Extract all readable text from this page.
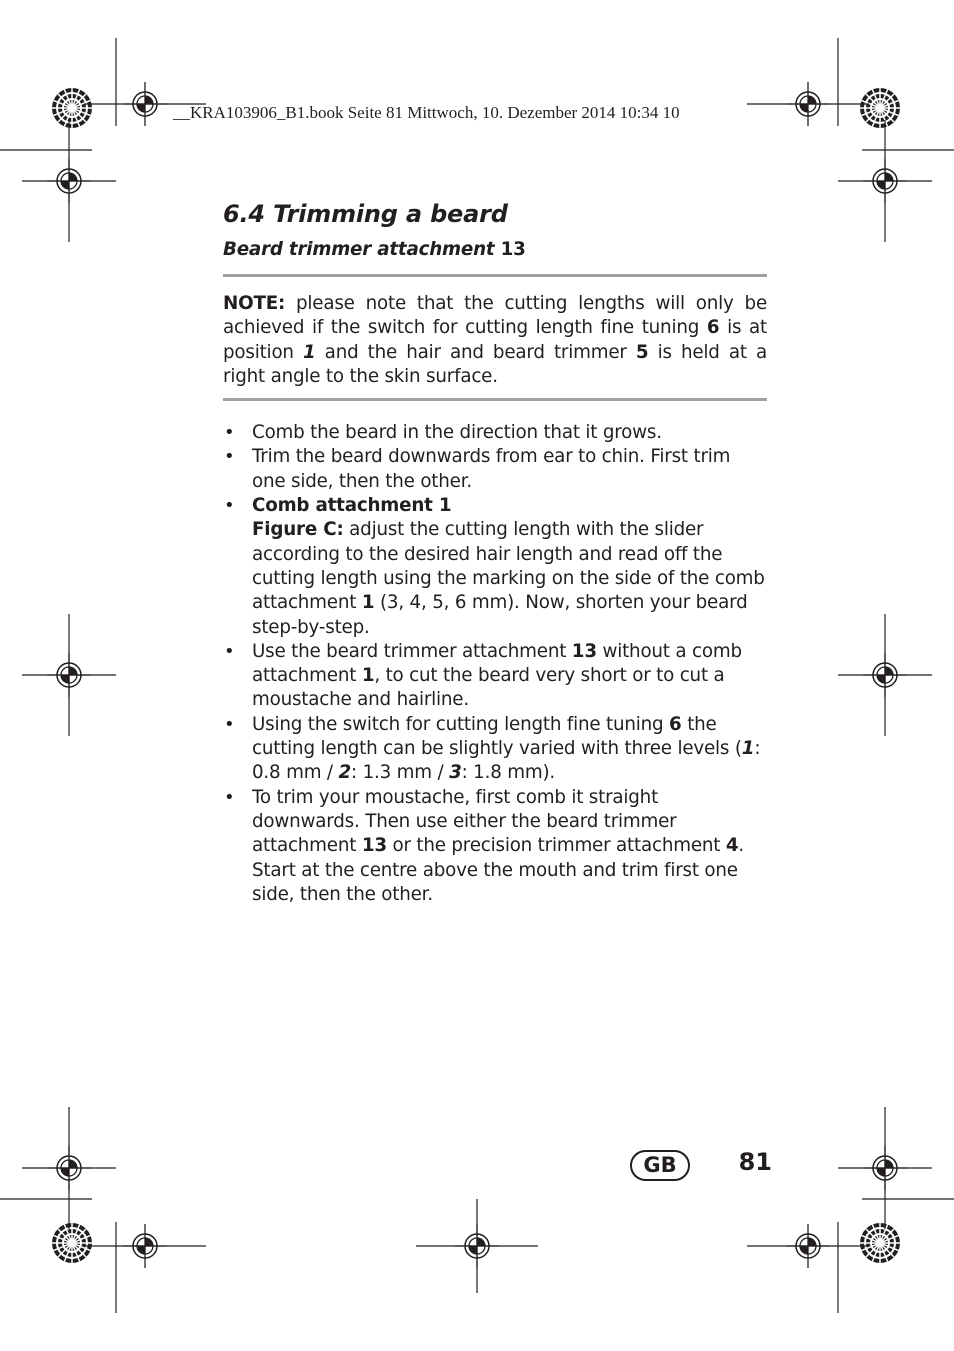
__KRA103906_B1.book Seite 81 Mittwoch, 10. Dezember 2014 10:34 10
6.4 Trimming a beard
Beard trimmer attachment 13
NOTE: please note that the cutting lengths will only be achieved if the switch for cutting length fine tuning 6 is at position 1 and the hair and beard trimmer 5 is held at a right angle to the skin surface.
• Comb the beard in the direction that it grows.
• Trim the beard downwards from ear to chin. First trim one side, then the other.
• Comb attachment 1
Figure C: adjust the cutting length with the slider according to the desired hair length and read off the cutting length using the marking on the side of the comb attachment 1 (3, 4, 5, 6 mm). Now, shorten your beard step-by-step.
• Use the beard trimmer attachment 13 without a comb attachment 1, to cut the beard very short or to cut a moustache and hairline.
• Using the switch for cutting length fine tuning 6 the cutting length can be slightly varied with three levels (1: 0.8 mm / 2: 1.3 mm / 3: 1.8 mm).
• To trim your moustache, first comb it straight downwards. Then use either the beard trimmer attachment 13 or the precision trimmer attachment 4. Start at the centre above the mouth and trim first one side, then the other.
GB	81
